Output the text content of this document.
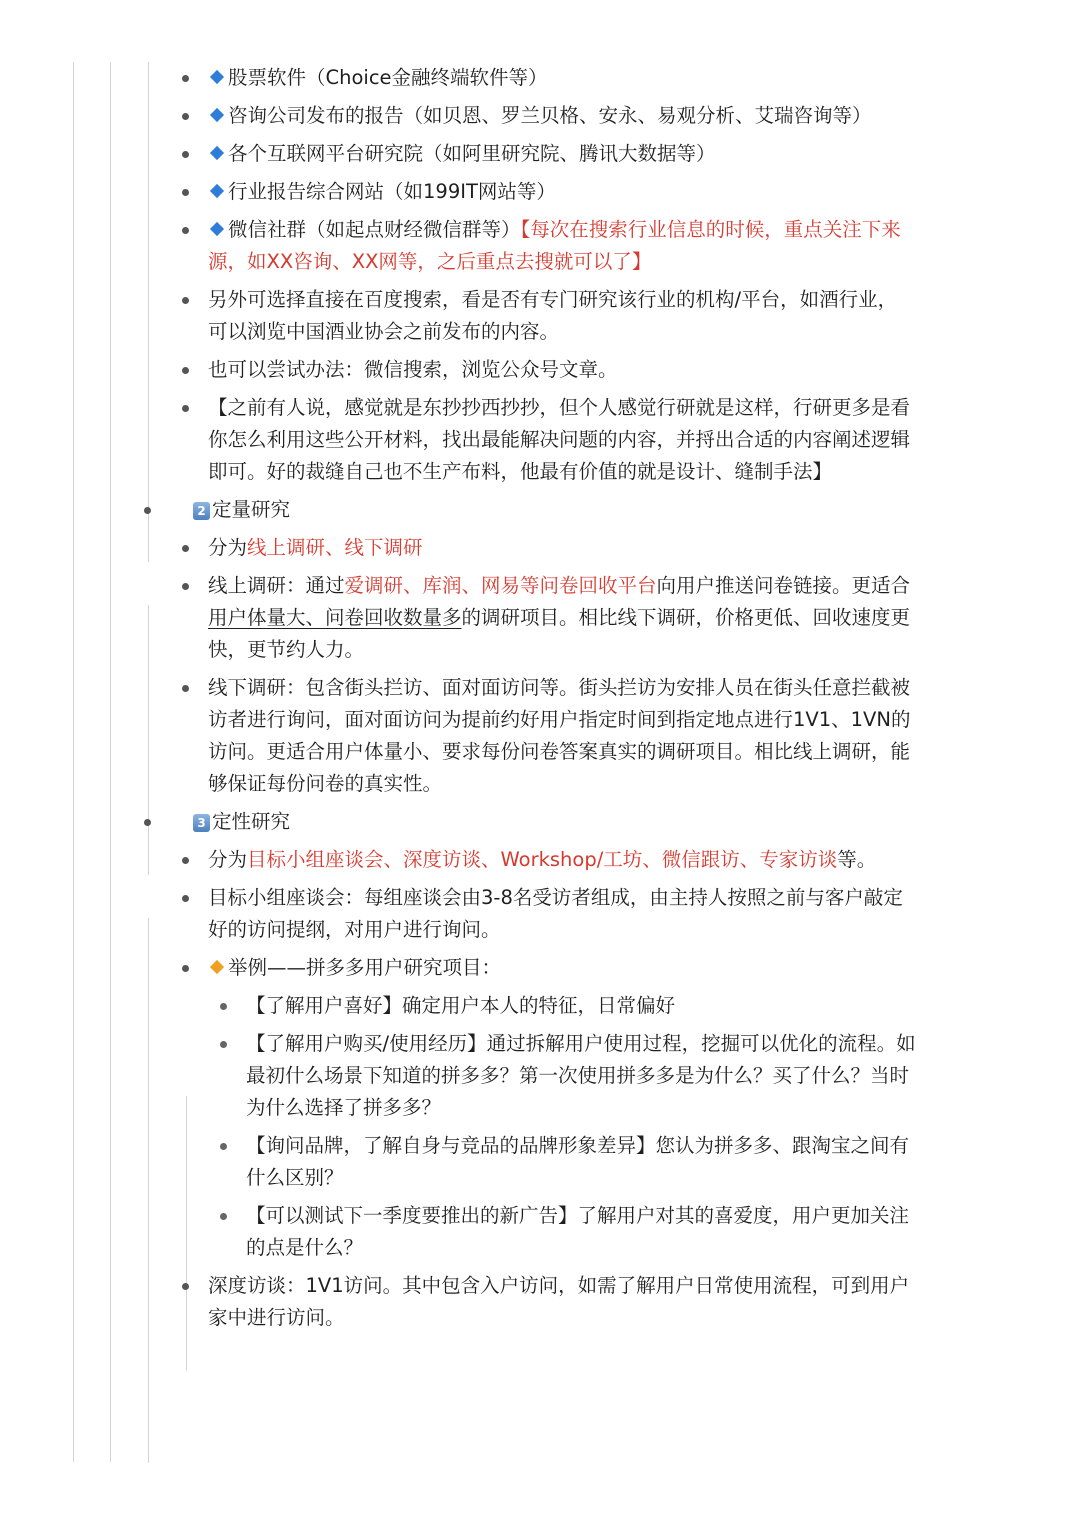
股票软件（Choice金融终端软件等）
咨询公司发布的报告（如贝恩、罗兰贝格、安永、易观分析、艾瑞咨询等）
各个互联网平台研究院（如阿里研究院、腾讯大数据等）
行业报告综合网站（如199IT网站等）
微信社群（如起点财经微信群等）【每次在搜索行业信息的时候，重点关注下来源，如XX咨询、XX网等，之后重点去搜就可以了】
另外可选择直接在百度搜索，看是否有专门研究该行业的机构/平台，如酒行业，可以浏览中国酒业协会之前发布的内容。
也可以尝试办法：微信搜索，浏览公众号文章。
【之前有人说，感觉就是东抄抄西抄抄，但个人感觉行研就是这样，行研更多是看你怎么利用这些公开材料，找出最能解决问题的内容，并捋出合适的内容阐述逻辑即可。好的裁缝自己也不生产布料，他最有价值的就是设计、缝制手法】
2 定量研究
分为线上调研、线下调研
线上调研：通过爱调研、库润、网易等问卷回收平台向用户推送问卷链接。更适合用户体量大、问卷回收数量多的调研项目。相比线下调研，价格更低、回收速度更快，更节约人力。
线下调研：包含街头拦访、面对面访问等。街头拦访为安排人员在街头任意拦截被访者进行询问，面对面访问为提前约好用户指定时间到指定地点进行1V1、1VN的访问。更适合用户体量小、要求每份问卷答案真实的调研项目。相比线上调研，能够保证每份问卷的真实性。
3 定性研究
分为目标小组座谈会、深度访谈、Workshop/工坊、微信跟访、专家访谈等。
目标小组座谈会：每组座谈会由3-8名受访者组成，由主持人按照之前与客户敲定好的访问提纲，对用户进行询问。
举例——拼多多用户研究项目：
【了解用户喜好】确定用户本人的特征，日常偏好
【了解用户购买/使用经历】通过拆解用户使用过程，挖掘可以优化的流程。如最初什么场景下知道的拼多多？第一次使用拼多多是为什么？买了什么？当时为什么选择了拼多多？
【询问品牌，了解自身与竞品的品牌形象差异】您认为拼多多、跟淘宝之间有什么区别？
【可以测试下一季度要推出的新广告】了解用户对其的喜爱度，用户更加关注的点是什么？
深度访谈：1V1访问。其中包含入户访问，如需了解用户日常使用流程，可到用户家中进行访问。
